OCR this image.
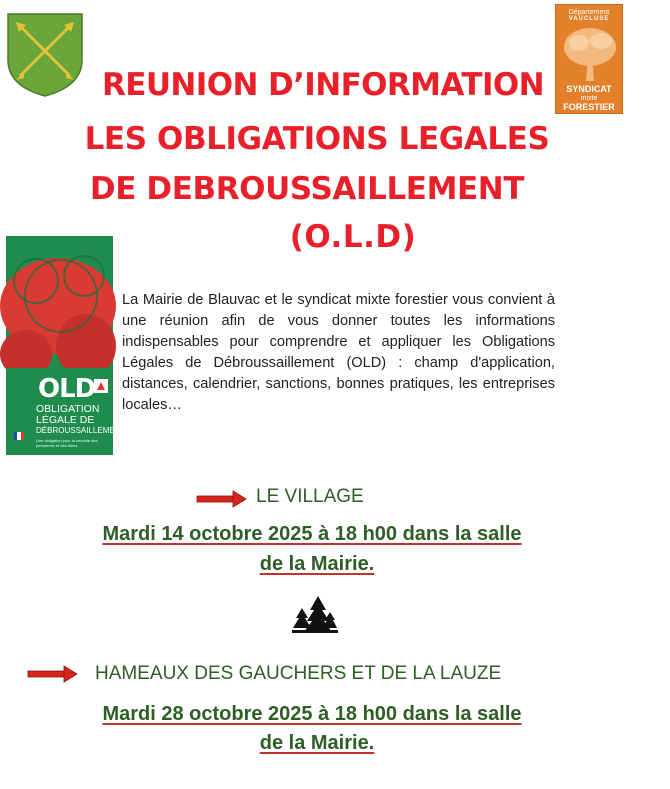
Département
VAUCLUSE
SYNDICAT
mixte
FORESTIER
REUNION D’INFORMATION
LES OBLIGATIONS LEGALES
DE DEBROUSSAILLEMENT
(O.L.D)
OLD
OBLIGATION
LÉGALE DE
DÉBROUSSAILLEMENT
Une obligation pour la sécurité des personnes et des biens
La Mairie de Blauvac et le syndicat mixte forestier vous convient à une réunion afin de vous donner toutes les informations indispensables pour comprendre et appliquer les Obligations Légales de Débroussaillement (OLD) : champ d'application, distances, calendrier, sanctions, bonnes pratiques, les entreprises locales…
LE VILLAGE
Mardi 14 octobre 2025 à 18 h00 dans la salle
de la Mairie.
HAMEAUX DES GAUCHERS ET DE LA LAUZE
Mardi 28 octobre 2025 à 18 h00 dans la salle
de la Mairie.
